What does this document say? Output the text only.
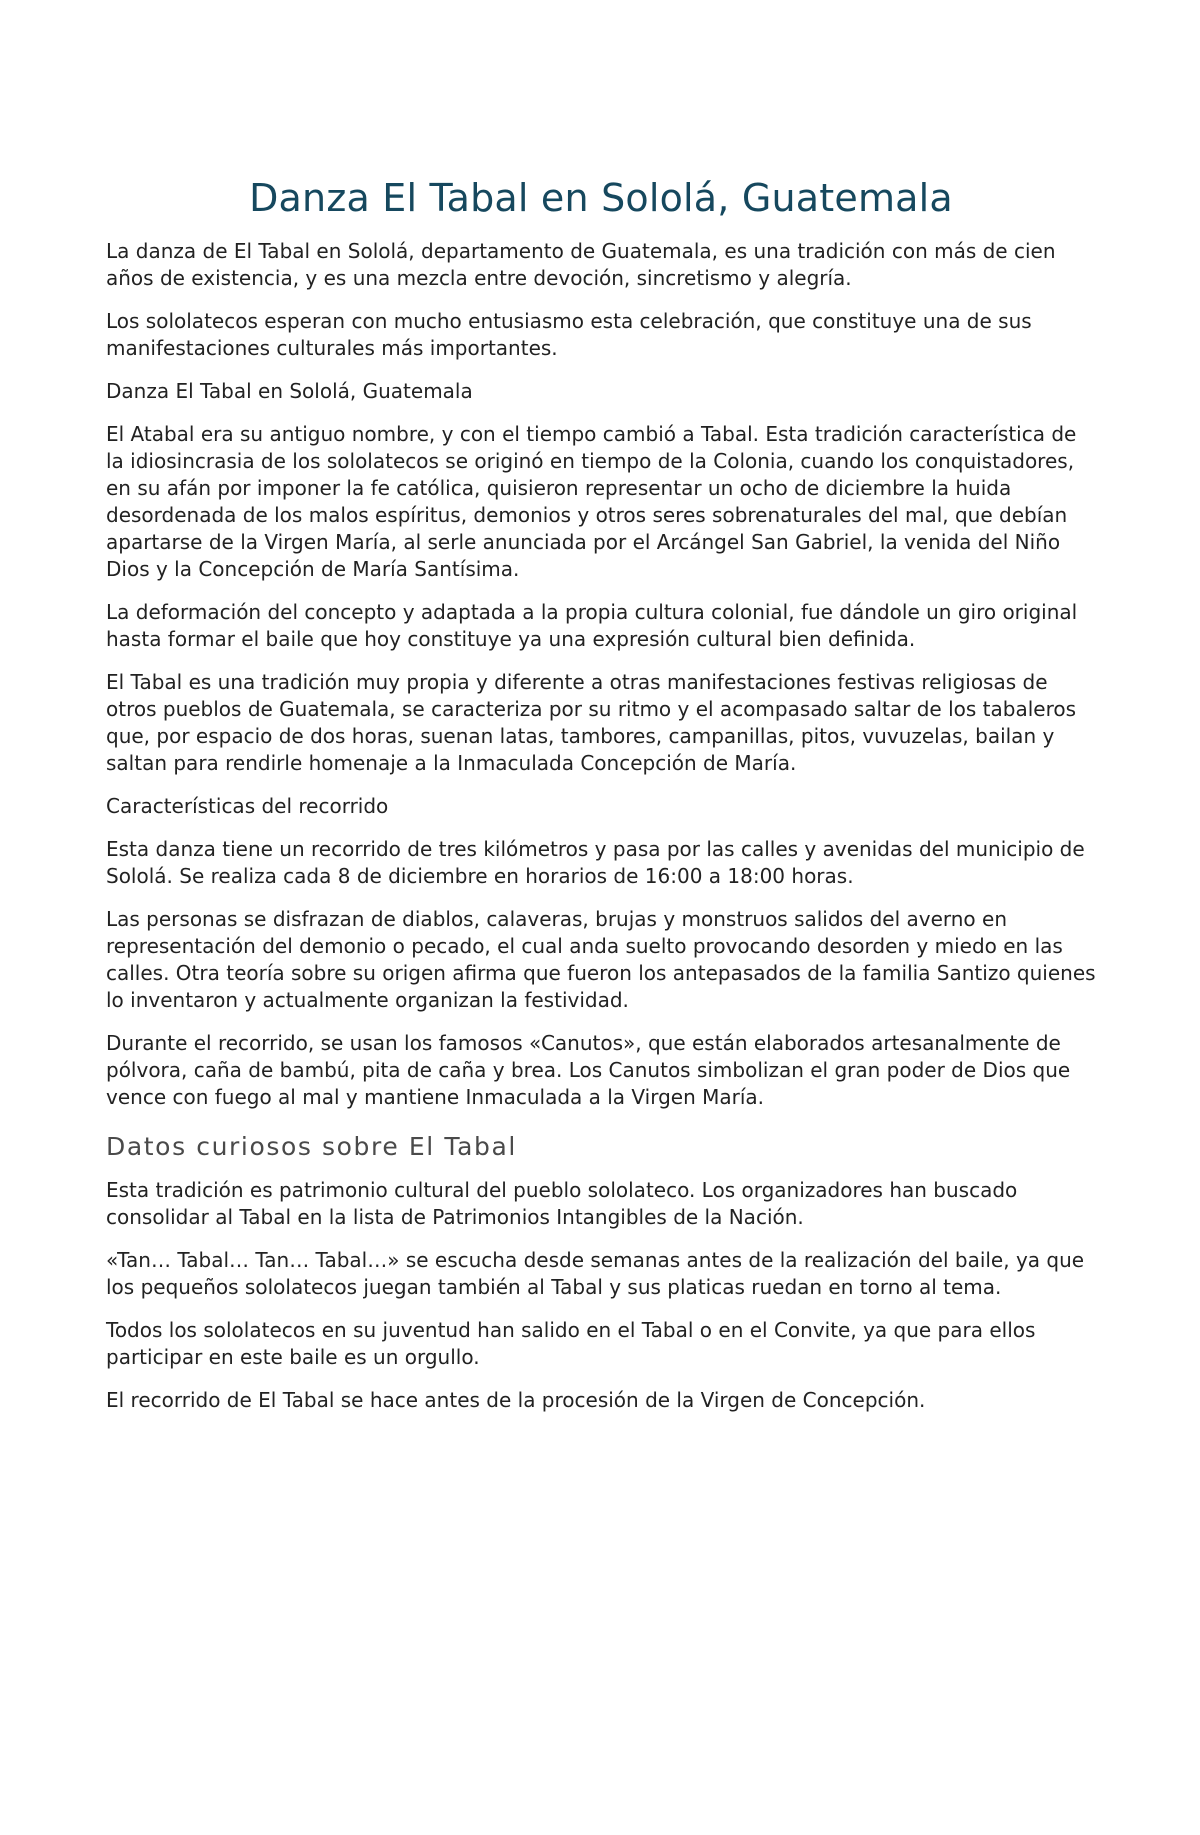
Danza El Tabal en Sololá, Guatemala

La danza de El Tabal en Sololá, departamento de Guatemala, es una tradición con más de cien años de existencia, y es una mezcla entre devoción, sincretismo y alegría.

Los sololatecos esperan con mucho entusiasmo esta celebración, que constituye una de sus manifestaciones culturales más importantes.

Danza El Tabal en Sololá, Guatemala

El Atabal era su antiguo nombre, y con el tiempo cambió a Tabal. Esta tradición característica de la idiosincrasia de los sololatecos se originó en tiempo de la Colonia, cuando los conquistadores, en su afán por imponer la fe católica, quisieron representar un ocho de diciembre la huida desordenada de los malos espíritus, demonios y otros seres sobrenaturales del mal, que debían apartarse de la Virgen María, al serle anunciada por el Arcángel San Gabriel, la venida del Niño Dios y la Concepción de María Santísima.

La deformación del concepto y adaptada a la propia cultura colonial, fue dándole un giro original hasta formar el baile que hoy constituye ya una expresión cultural bien definida.

El Tabal es una tradición muy propia y diferente a otras manifestaciones festivas religiosas de otros pueblos de Guatemala, se caracteriza por su ritmo y el acompasado saltar de los tabaleros que, por espacio de dos horas, suenan latas, tambores, campanillas, pitos, vuvuzelas, bailan y saltan para rendirle homenaje a la Inmaculada Concepción de María.

Características del recorrido

Esta danza tiene un recorrido de tres kilómetros y pasa por las calles y avenidas del municipio de Sololá. Se realiza cada 8 de diciembre en horarios de 16:00 a 18:00 horas.

Las personas se disfrazan de diablos, calaveras, brujas y monstruos salidos del averno en representación del demonio o pecado, el cual anda suelto provocando desorden y miedo en las calles. Otra teoría sobre su origen afirma que fueron los antepasados de la familia Santizo quienes lo inventaron y actualmente organizan la festividad.

Durante el recorrido, se usan los famosos «Canutos», que están elaborados artesanalmente de pólvora, caña de bambú, pita de caña y brea. Los Canutos simbolizan el gran poder de Dios que vence con fuego al mal y mantiene Inmaculada a la Virgen María.

Datos curiosos sobre El Tabal

Esta tradición es patrimonio cultural del pueblo sololateco. Los organizadores han buscado consolidar al Tabal en la lista de Patrimonios Intangibles de la Nación.

«Tan… Tabal… Tan… Tabal…» se escucha desde semanas antes de la realización del baile, ya que los pequeños sololatecos juegan también al Tabal y sus platicas ruedan en torno al tema.

Todos los sololatecos en su juventud han salido en el Tabal o en el Convite, ya que para ellos participar en este baile es un orgullo.

El recorrido de El Tabal se hace antes de la procesión de la Virgen de Concepción.
